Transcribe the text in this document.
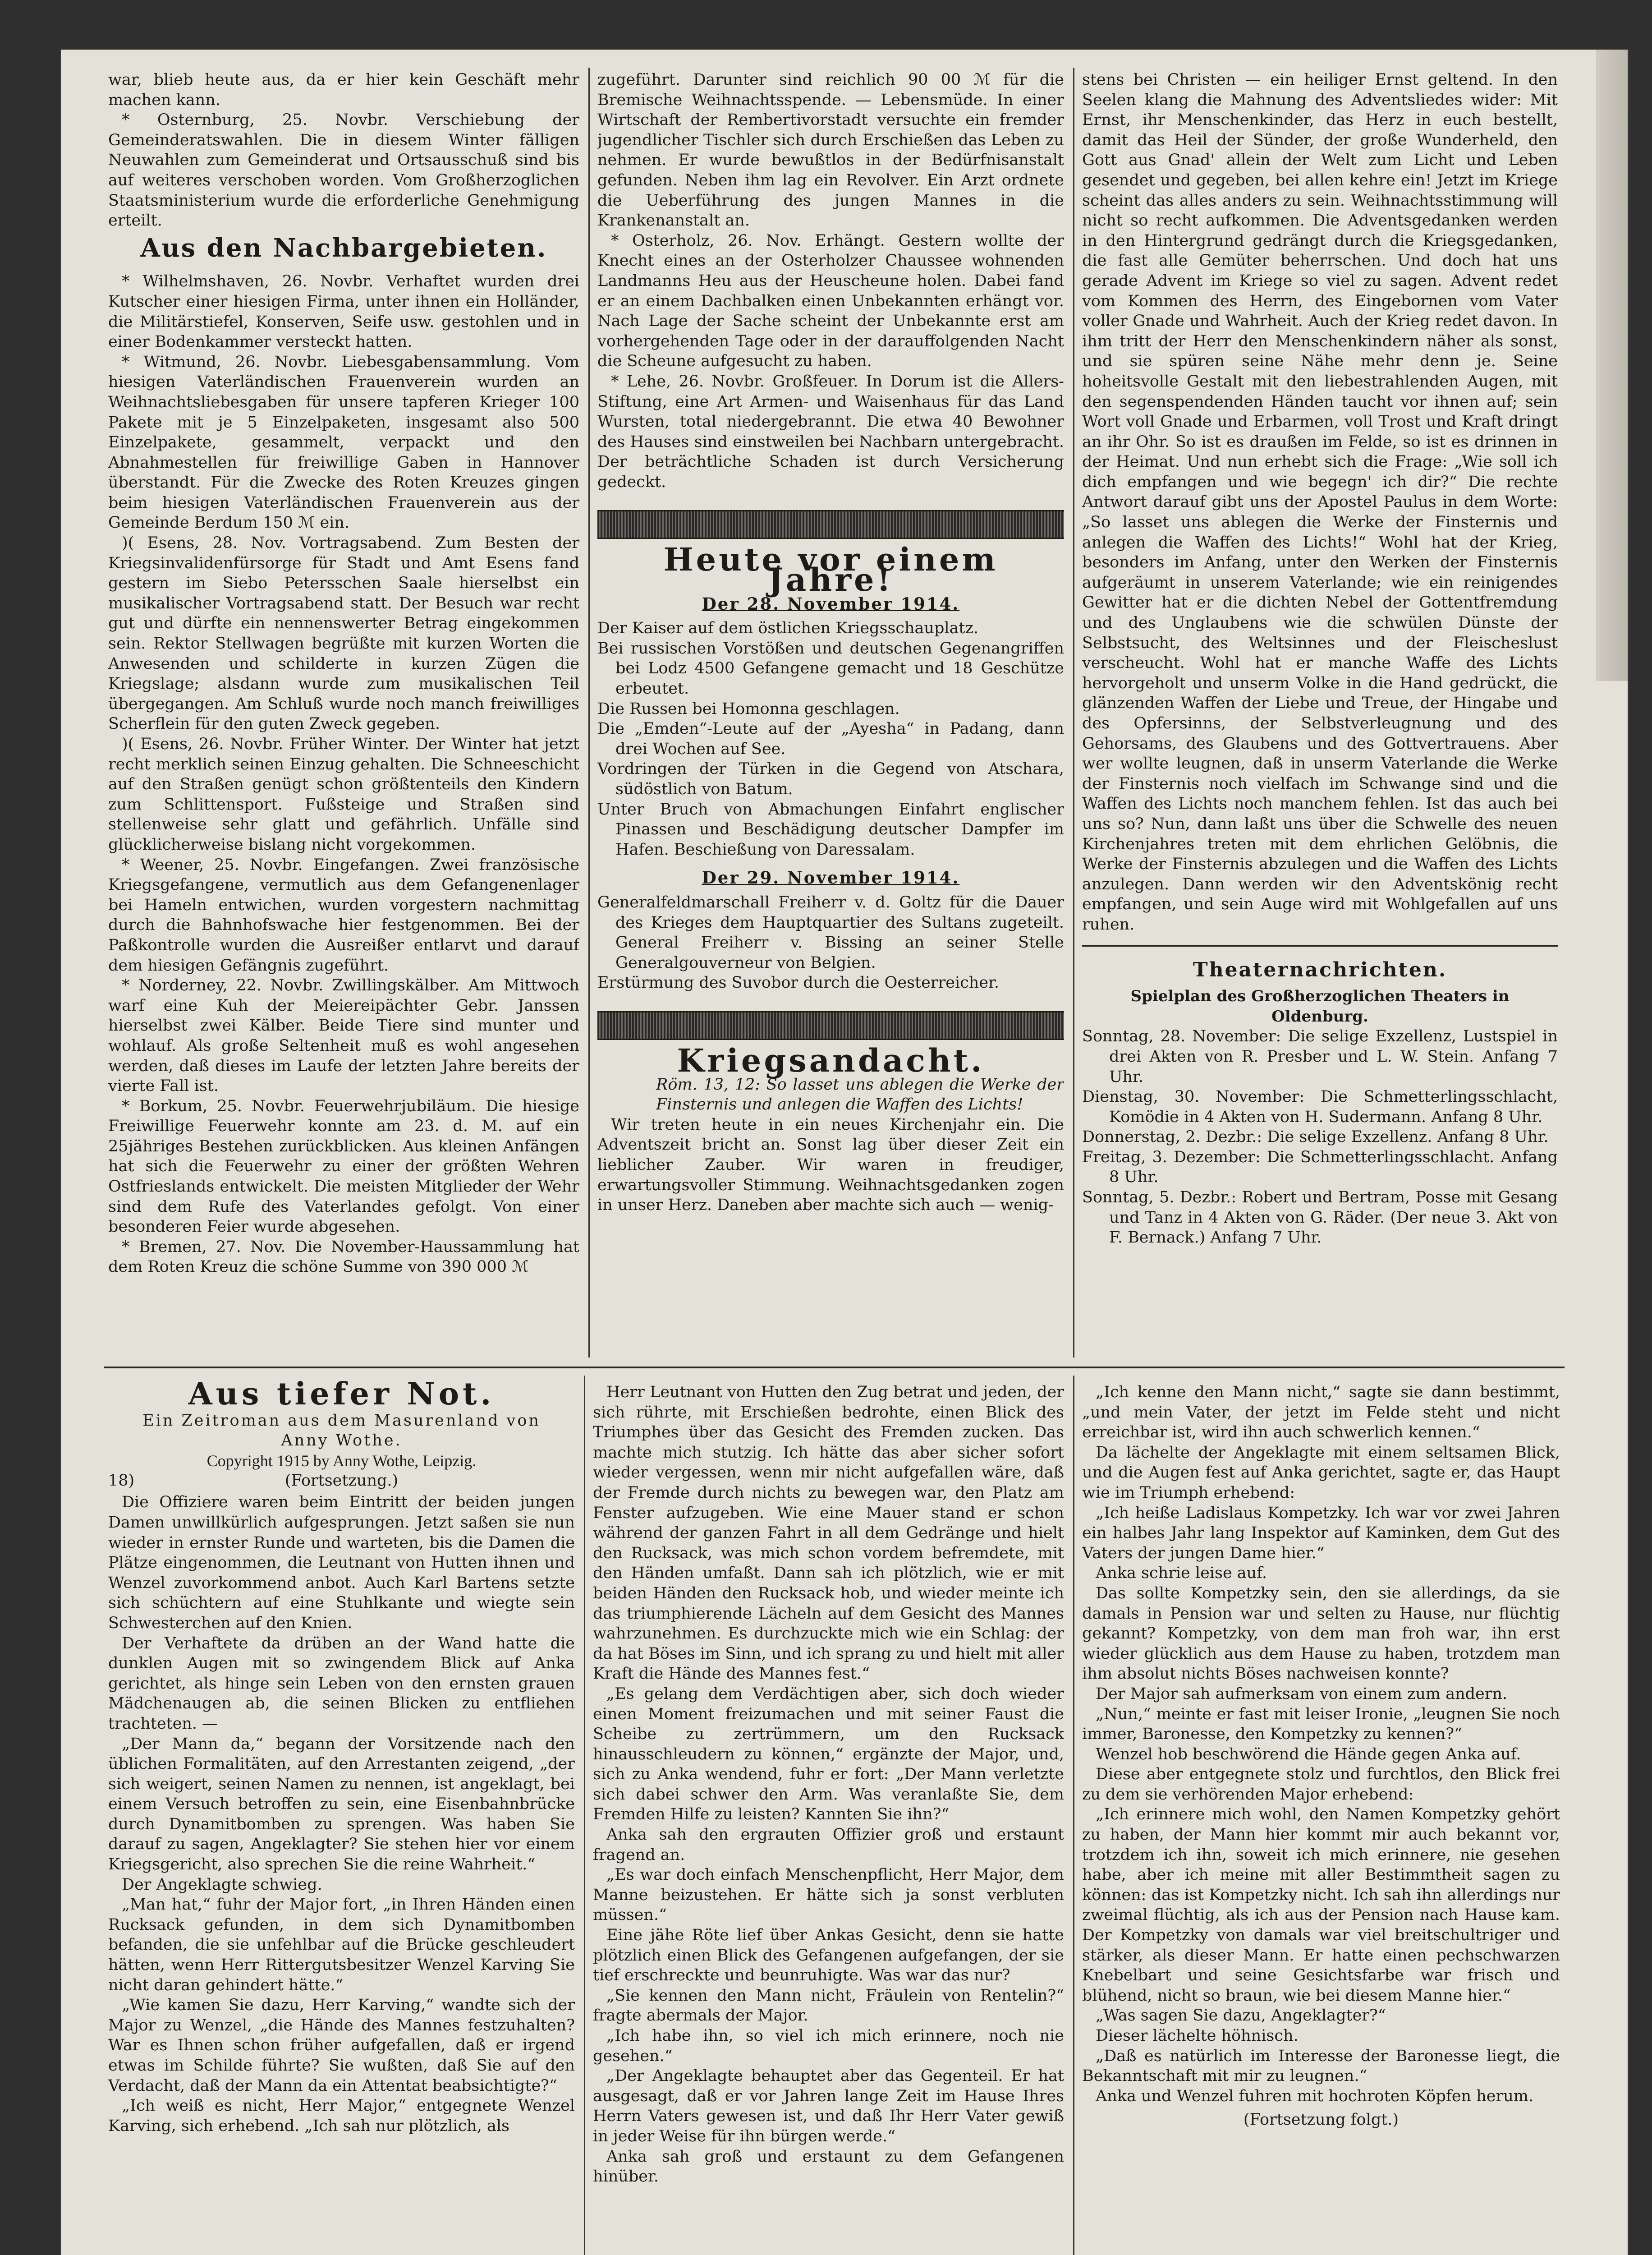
war, blieb heute aus, da er hier kein Geschäft mehr machen kann.

* Osternburg, 25. Novbr. Verschiebung der Gemeinderatswahlen. Die in diesem Winter fälligen Neuwahlen zum Gemeinderat und Ortsausschuß sind bis auf weiteres verschoben worden. Vom Großherzoglichen Staatsministerium wurde die erforderliche Genehmigung erteilt.

Aus den Nachbargebieten.

* Wilhelmshaven, 26. Novbr. Verhaftet wurden drei Kutscher einer hiesigen Firma, unter ihnen ein Holländer, die Militärstiefel, Konserven, Seife usw. gestohlen und in einer Bodenkammer versteckt hatten.

* Witmund, 26. Novbr. Liebesgabensammlung. Vom hiesigen Vaterländischen Frauenverein wurden an Weihnachtsliebesgaben für unsere tapferen Krieger 100 Pakete mit je 5 Einzelpaketen, insgesamt also 500 Einzelpakete, gesammelt, verpackt und den Abnahmestellen für freiwillige Gaben in Hannover überstandt. Für die Zwecke des Roten Kreuzes gingen beim hiesigen Vaterländischen Frauenverein aus der Gemeinde Berdum 150 ℳ ein.

)( Esens, 28. Nov. Vortragsabend. Zum Besten der Kriegsinvalidenfürsorge für Stadt und Amt Esens fand gestern im Siebo Petersschen Saale hierselbst ein musikalischer Vortragsabend statt. Der Besuch war recht gut und dürfte ein nennenswerter Betrag eingekommen sein. Rektor Stellwagen begrüßte mit kurzen Worten die Anwesenden und schilderte in kurzen Zügen die Kriegslage; alsdann wurde zum musikalischen Teil übergegangen. Am Schluß wurde noch manch freiwilliges Scherflein für den guten Zweck gegeben.

)( Esens, 26. Novbr. Früher Winter. Der Winter hat jetzt recht merklich seinen Einzug gehalten. Die Schneeschicht auf den Straßen genügt schon größtenteils den Kindern zum Schlittensport. Fußsteige und Straßen sind stellenweise sehr glatt und gefährlich. Unfälle sind glücklicherweise bislang nicht vorgekommen.

* Weener, 25. Novbr. Eingefangen. Zwei französische Kriegsgefangene, vermutlich aus dem Gefangenenlager bei Hameln entwichen, wurden vorgestern nachmittag durch die Bahnhofswache hier festgenommen. Bei der Paßkontrolle wurden die Ausreißer entlarvt und darauf dem hiesigen Gefängnis zugeführt.

* Norderney, 22. Novbr. Zwillingskälber. Am Mittwoch warf eine Kuh der Meiereipächter Gebr. Janssen hierselbst zwei Kälber. Beide Tiere sind munter und wohlauf. Als große Seltenheit muß es wohl angesehen werden, daß dieses im Laufe der letzten Jahre bereits der vierte Fall ist.

* Borkum, 25. Novbr. Feuerwehrjubiläum. Die hiesige Freiwillige Feuerwehr konnte am 23. d. M. auf ein 25jähriges Bestehen zurückblicken. Aus kleinen Anfängen hat sich die Feuerwehr zu einer der größten Wehren Ostfrieslands entwickelt. Die meisten Mitglieder der Wehr sind dem Rufe des Vaterlandes gefolgt. Von einer besonderen Feier wurde abgesehen.

* Bremen, 27. Nov. Die November-Haussammlung hat dem Roten Kreuz die schöne Summe von 390 000 ℳ

zugeführt. Darunter sind reichlich 90 00 ℳ für die Bremische Weihnachtsspende. — Lebensmüde. In einer Wirtschaft der Rembertivorstadt versuchte ein fremder jugendlicher Tischler sich durch Erschießen das Leben zu nehmen. Er wurde bewußtlos in der Bedürfnisanstalt gefunden. Neben ihm lag ein Revolver. Ein Arzt ordnete die Ueberführung des jungen Mannes in die Krankenanstalt an.

* Osterholz, 26. Nov. Erhängt. Gestern wollte der Knecht eines an der Osterholzer Chaussee wohnenden Landmanns Heu aus der Heuscheune holen. Dabei fand er an einem Dachbalken einen Unbekannten erhängt vor. Nach Lage der Sache scheint der Unbekannte erst am vorhergehenden Tage oder in der darauffolgenden Nacht die Scheune aufgesucht zu haben.

* Lehe, 26. Novbr. Großfeuer. In Dorum ist die Allers-Stiftung, eine Art Armen- und Waisenhaus für das Land Wursten, total niedergebrannt. Die etwa 40 Bewohner des Hauses sind einstweilen bei Nachbarn untergebracht. Der beträchtliche Schaden ist durch Versicherung gedeckt.

Heute vor einem Jahre!
Der 28. November 1914.

Der Kaiser auf dem östlichen Kriegsschauplatz.

Bei russischen Vorstößen und deutschen Gegenangriffen bei Lodz 4500 Gefangene gemacht und 18 Geschütze erbeutet.

Die Russen bei Homonna geschlagen.

Die „Emden“-Leute auf der „Ayesha“ in Padang, dann drei Wochen auf See.

Vordringen der Türken in die Gegend von Atschara, südöstlich von Batum.

Unter Bruch von Abmachungen Einfahrt englischer Pinassen und Beschädigung deutscher Dampfer im Hafen. Beschießung von Daressalam.

Der 29. November 1914.

Generalfeldmarschall Freiherr v. d. Goltz für die Dauer des Krieges dem Hauptquartier des Sultans zugeteilt. General Freiherr v. Bissing an seiner Stelle Generalgouverneur von Belgien.

Erstürmung des Suvobor durch die Oesterreicher.

Kriegsandacht.

Röm. 13, 12: So lasset uns ablegen die Werke der Finsternis und anlegen die Waffen des Lichts!

Wir treten heute in ein neues Kirchenjahr ein. Die Adventszeit bricht an. Sonst lag über dieser Zeit ein lieblicher Zauber. Wir waren in freudiger, erwartungsvoller Stimmung. Weihnachtsgedanken zogen in unser Herz. Daneben aber machte sich auch — wenig-

stens bei Christen — ein heiliger Ernst geltend. In den Seelen klang die Mahnung des Adventsliedes wider: Mit Ernst, ihr Menschenkinder, das Herz in euch bestellt, damit das Heil der Sünder, der große Wunderheld, den Gott aus Gnad' allein der Welt zum Licht und Leben gesendet und gegeben, bei allen kehre ein! Jetzt im Kriege scheint das alles anders zu sein. Weihnachtsstimmung will nicht so recht aufkommen. Die Adventsgedanken werden in den Hintergrund gedrängt durch die Kriegsgedanken, die fast alle Gemüter beherrschen. Und doch hat uns gerade Advent im Kriege so viel zu sagen. Advent redet vom Kommen des Herrn, des Eingebornen vom Vater voller Gnade und Wahrheit. Auch der Krieg redet davon. In ihm tritt der Herr den Menschenkindern näher als sonst, und sie spüren seine Nähe mehr denn je. Seine hoheitsvolle Gestalt mit den liebestrahlenden Augen, mit den segenspendenden Händen taucht vor ihnen auf; sein Wort voll Gnade und Erbarmen, voll Trost und Kraft dringt an ihr Ohr. So ist es draußen im Felde, so ist es drinnen in der Heimat. Und nun erhebt sich die Frage: „Wie soll ich dich empfangen und wie begegn' ich dir?“ Die rechte Antwort darauf gibt uns der Apostel Paulus in dem Worte: „So lasset uns ablegen die Werke der Finsternis und anlegen die Waffen des Lichts!“ Wohl hat der Krieg, besonders im Anfang, unter den Werken der Finsternis aufgeräumt in unserem Vaterlande; wie ein reinigendes Gewitter hat er die dichten Nebel der Gottentfremdung und des Unglaubens wie die schwülen Dünste der Selbstsucht, des Weltsinnes und der Fleischeslust verscheucht. Wohl hat er manche Waffe des Lichts hervorgeholt und unserm Volke in die Hand gedrückt, die glänzenden Waffen der Liebe und Treue, der Hingabe und des Opfersinns, der Selbstverleugnung und des Gehorsams, des Glaubens und des Gottvertrauens. Aber wer wollte leugnen, daß in unserm Vaterlande die Werke der Finsternis noch vielfach im Schwange sind und die Waffen des Lichts noch manchem fehlen. Ist das auch bei uns so? Nun, dann laßt uns über die Schwelle des neuen Kirchenjahres treten mit dem ehrlichen Gelöbnis, die Werke der Finsternis abzulegen und die Waffen des Lichts anzulegen. Dann werden wir den Adventskönig recht empfangen, und sein Auge wird mit Wohlgefallen auf uns ruhen.

Theaternachrichten.
Spielplan des Großherzoglichen Theaters in Oldenburg.

Sonntag, 28. November: Die selige Exzellenz, Lustspiel in drei Akten von R. Presber und L. W. Stein. Anfang 7 Uhr.

Dienstag, 30. November: Die Schmetterlingsschlacht, Komödie in 4 Akten von H. Sudermann. Anfang 8 Uhr.

Donnerstag, 2. Dezbr.: Die selige Exzellenz. Anfang 8 Uhr.

Freitag, 3. Dezember: Die Schmetterlingsschlacht. Anfang 8 Uhr.

Sonntag, 5. Dezbr.: Robert und Bertram, Posse mit Gesang und Tanz in 4 Akten von G. Räder. (Der neue 3. Akt von F. Bernack.) Anfang 7 Uhr.

Aus tiefer Not.
Ein Zeitroman aus dem Masurenland von Anny Wothe.
Copyright 1915 by Anny Wothe, Leipzig.
18)	(Fortsetzung.)

Die Offiziere waren beim Eintritt der beiden jungen Damen unwillkürlich aufgesprungen. Jetzt saßen sie nun wieder in ernster Runde und warteten, bis die Damen die Plätze eingenommen, die Leutnant von Hutten ihnen und Wenzel zuvorkommend anbot. Auch Karl Bartens setzte sich schüchtern auf eine Stuhlkante und wiegte sein Schwesterchen auf den Knien.

Der Verhaftete da drüben an der Wand hatte die dunklen Augen mit so zwingendem Blick auf Anka gerichtet, als hinge sein Leben von den ernsten grauen Mädchenaugen ab, die seinen Blicken zu entfliehen trachteten. —

„Der Mann da,“ begann der Vorsitzende nach den üblichen Formalitäten, auf den Arrestanten zeigend, „der sich weigert, seinen Namen zu nennen, ist angeklagt, bei einem Versuch betroffen zu sein, eine Eisenbahnbrücke durch Dynamitbomben zu sprengen. Was haben Sie darauf zu sagen, Angeklagter? Sie stehen hier vor einem Kriegsgericht, also sprechen Sie die reine Wahrheit.“

Der Angeklagte schwieg.

„Man hat,“ fuhr der Major fort, „in Ihren Händen einen Rucksack gefunden, in dem sich Dynamitbomben befanden, die sie unfehlbar auf die Brücke geschleudert hätten, wenn Herr Rittergutsbesitzer Wenzel Karving Sie nicht daran gehindert hätte.“

„Wie kamen Sie dazu, Herr Karving,“ wandte sich der Major zu Wenzel, „die Hände des Mannes festzuhalten? War es Ihnen schon früher aufgefallen, daß er irgend etwas im Schilde führte? Sie wußten, daß Sie auf den Verdacht, daß der Mann da ein Attentat beabsichtigte?“

„Ich weiß es nicht, Herr Major,“ entgegnete Wenzel Karving, sich erhebend. „Ich sah nur plötzlich, als

Herr Leutnant von Hutten den Zug betrat und jeden, der sich rührte, mit Erschießen bedrohte, einen Blick des Triumphes über das Gesicht des Fremden zucken. Das machte mich stutzig. Ich hätte das aber sicher sofort wieder vergessen, wenn mir nicht aufgefallen wäre, daß der Fremde durch nichts zu bewegen war, den Platz am Fenster aufzugeben. Wie eine Mauer stand er schon während der ganzen Fahrt in all dem Gedränge und hielt den Rucksack, was mich schon vordem befremdete, mit den Händen umfaßt. Dann sah ich plötzlich, wie er mit beiden Händen den Rucksack hob, und wieder meinte ich das triumphierende Lächeln auf dem Gesicht des Mannes wahrzunehmen. Es durchzuckte mich wie ein Schlag: der da hat Böses im Sinn, und ich sprang zu und hielt mit aller Kraft die Hände des Mannes fest.“

„Es gelang dem Verdächtigen aber, sich doch wieder einen Moment freizumachen und mit seiner Faust die Scheibe zu zertrümmern, um den Rucksack hinausschleudern zu können,“ ergänzte der Major, und, sich zu Anka wendend, fuhr er fort: „Der Mann verletzte sich dabei schwer den Arm. Was veranlaßte Sie, dem Fremden Hilfe zu leisten? Kannten Sie ihn?“

Anka sah den ergrauten Offizier groß und erstaunt fragend an.

„Es war doch einfach Menschenpflicht, Herr Major, dem Manne beizustehen. Er hätte sich ja sonst verbluten müssen.“

Eine jähe Röte lief über Ankas Gesicht, denn sie hatte plötzlich einen Blick des Gefangenen aufgefangen, der sie tief erschreckte und beunruhigte. Was war das nur?

„Sie kennen den Mann nicht, Fräulein von Rentelin?“ fragte abermals der Major.

„Ich habe ihn, so viel ich mich erinnere, noch nie gesehen.“

„Der Angeklagte behauptet aber das Gegenteil. Er hat ausgesagt, daß er vor Jahren lange Zeit im Hause Ihres Herrn Vaters gewesen ist, und daß Ihr Herr Vater gewiß in jeder Weise für ihn bürgen werde.“

Anka sah groß und erstaunt zu dem Gefangenen hinüber.

„Ich kenne den Mann nicht,“ sagte sie dann bestimmt, „und mein Vater, der jetzt im Felde steht und nicht erreichbar ist, wird ihn auch schwerlich kennen.“

Da lächelte der Angeklagte mit einem seltsamen Blick, und die Augen fest auf Anka gerichtet, sagte er, das Haupt wie im Triumph erhebend:

„Ich heiße Ladislaus Kompetzky. Ich war vor zwei Jahren ein halbes Jahr lang Inspektor auf Kaminken, dem Gut des Vaters der jungen Dame hier.“

Anka schrie leise auf.

Das sollte Kompetzky sein, den sie allerdings, da sie damals in Pension war und selten zu Hause, nur flüchtig gekannt? Kompetzky, von dem man froh war, ihn erst wieder glücklich aus dem Hause zu haben, trotzdem man ihm absolut nichts Böses nachweisen konnte?

Der Major sah aufmerksam von einem zum andern.

„Nun,“ meinte er fast mit leiser Ironie, „leugnen Sie noch immer, Baronesse, den Kompetzky zu kennen?“

Wenzel hob beschwörend die Hände gegen Anka auf.

Diese aber entgegnete stolz und furchtlos, den Blick frei zu dem sie verhörenden Major erhebend:

„Ich erinnere mich wohl, den Namen Kompetzky gehört zu haben, der Mann hier kommt mir auch bekannt vor, trotzdem ich ihn, soweit ich mich erinnere, nie gesehen habe, aber ich meine mit aller Bestimmtheit sagen zu können: das ist Kompetzky nicht. Ich sah ihn allerdings nur zweimal flüchtig, als ich aus der Pension nach Hause kam. Der Kompetzky von damals war viel breitschultriger und stärker, als dieser Mann. Er hatte einen pechschwarzen Knebelbart und seine Gesichtsfarbe war frisch und blühend, nicht so braun, wie bei diesem Manne hier.“

„Was sagen Sie dazu, Angeklagter?“

Dieser lächelte höhnisch.

„Daß es natürlich im Interesse der Baronesse liegt, die Bekanntschaft mit mir zu leugnen.“

Anka und Wenzel fuhren mit hochroten Köpfen herum.

(Fortsetzung folgt.)
